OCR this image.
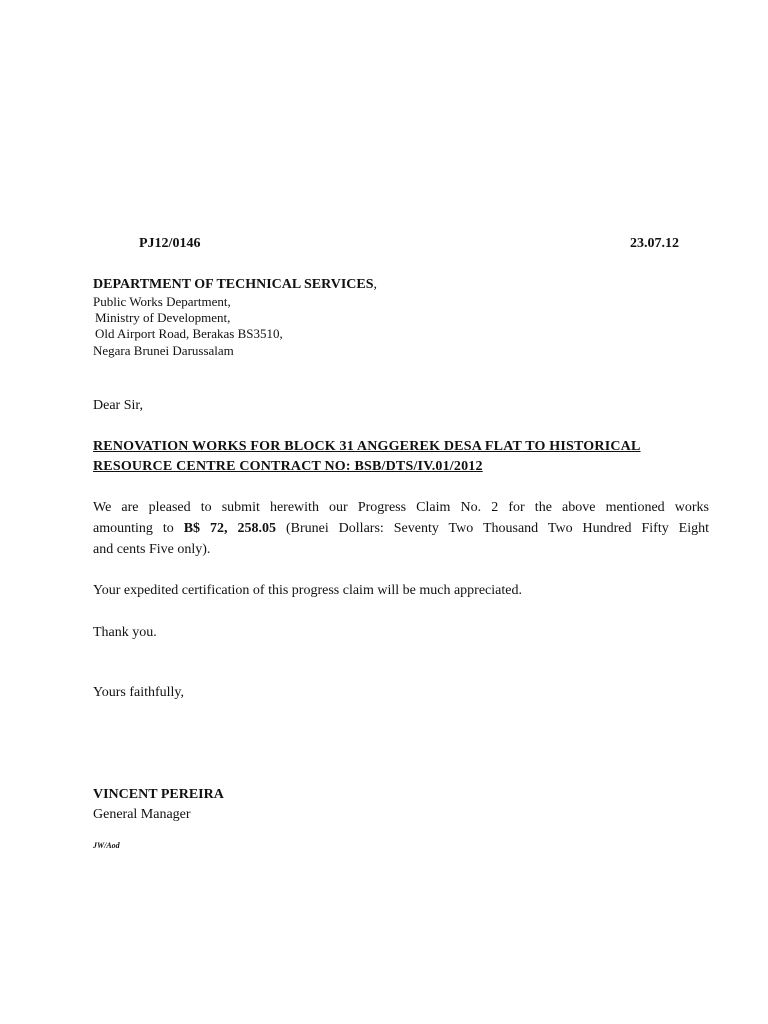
PJ12/0146	23.07.12
DEPARTMENT OF TECHNICAL SERVICES,
Public Works Department,
Ministry of Development,
Old Airport Road, Berakas BS3510,
Negara Brunei Darussalam
Dear Sir,
RENOVATION WORKS FOR BLOCK 31 ANGGEREK DESA FLAT TO HISTORICAL
RESOURCE CENTRE CONTRACT NO: BSB/DTS/IV.01/2012
We are pleased to submit herewith our Progress Claim No. 2 for the above mentioned works
amounting to B$ 72, 258.05 (Brunei Dollars: Seventy Two Thousand Two Hundred Fifty Eight
and cents Five only).
Your expedited certification of this progress claim will be much appreciated.
Thank you.
Yours faithfully,
VINCENT PEREIRA
General Manager
JW/Aod
